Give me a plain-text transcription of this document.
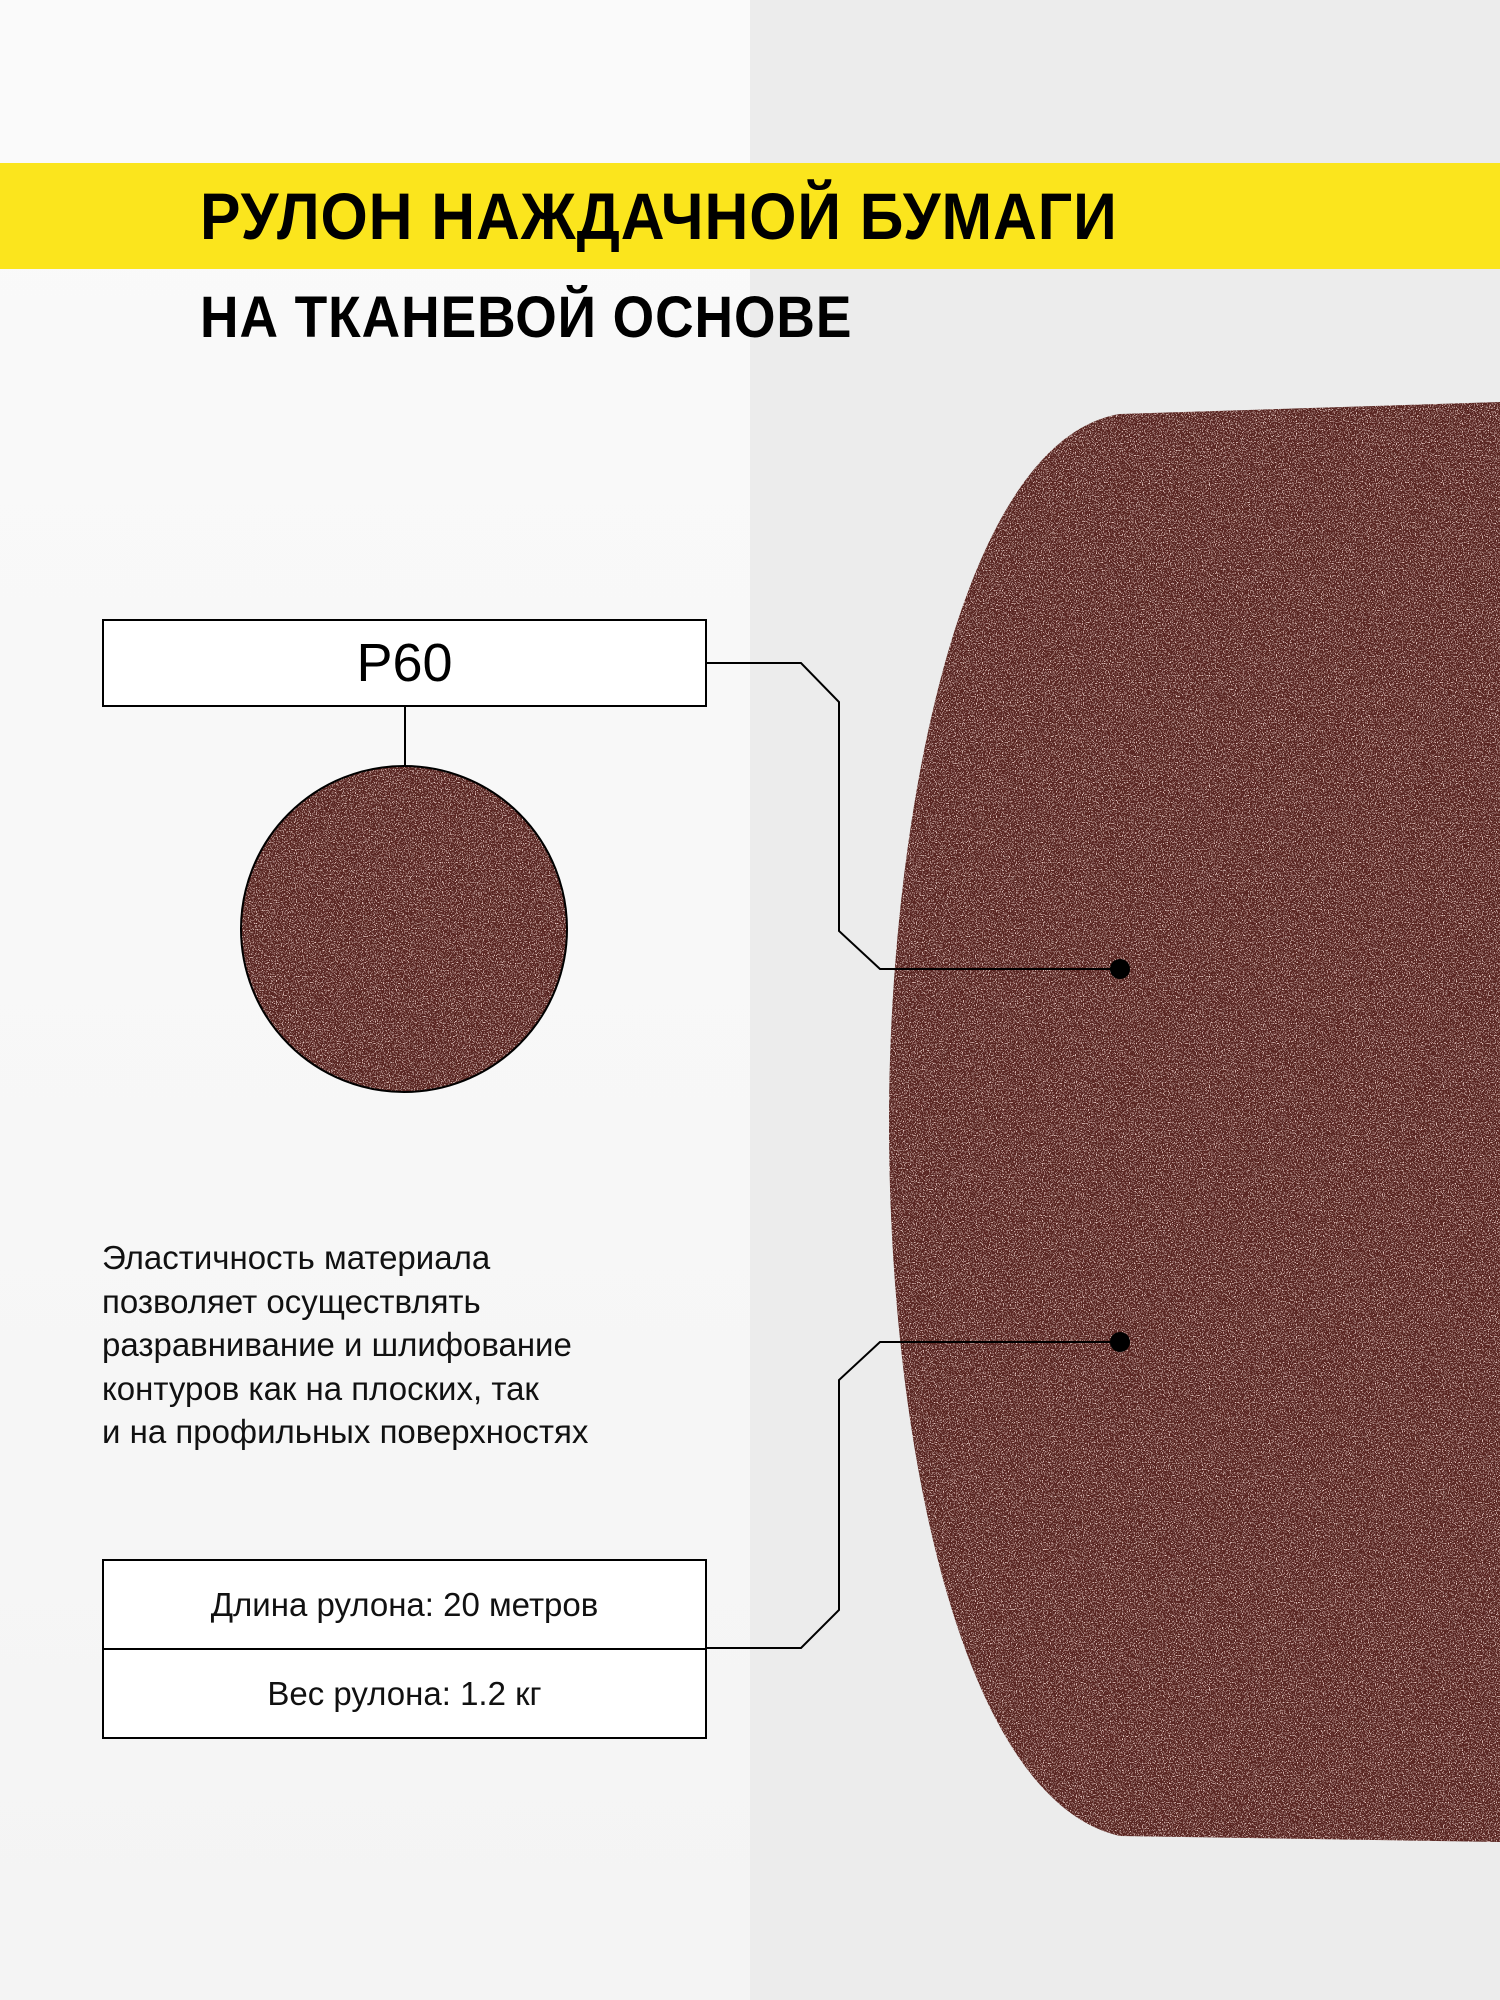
РУЛОН НАЖДАЧНОЙ БУМАГИ
НА ТКАНЕВОЙ ОСНОВЕ
P60
Эластичность материала
позволяет осуществлять
разравнивание и шлифование
контуров как на плоских, так
и на профильных поверхностях
Длина рулона: 20 метров
Вес рулона: 1.2 кг
